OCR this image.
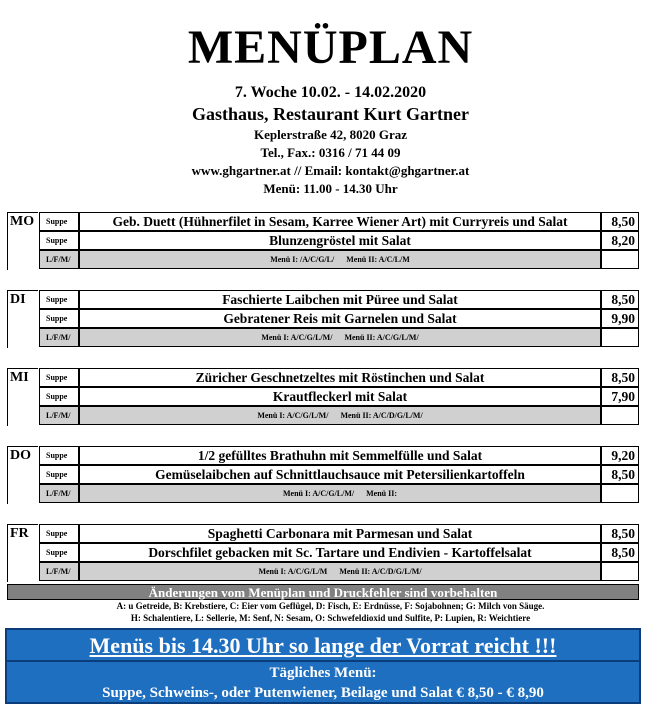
MENÜPLAN
7. Woche 10.02. - 14.02.2020
Gasthaus, Restaurant Kurt Gartner
Keplerstraße 42, 8020 Graz
Tel., Fax.: 0316 / 71 44 09
www.ghgartner.at // Email: kontakt@ghgartner.at
Menü: 11.00 - 14.30 Uhr
MO	Suppe	Geb. Duett (Hühnerfilet in Sesam, Karree Wiener Art) mit Curryreis und Salat	8,50
Suppe	Blunzengröstel mit Salat	8,20
L/F/M/	Menü I: /A/C/G/L/ Menü II: A/C/L/M
DI	Suppe	Faschierte Laibchen mit Püree und Salat	8,50
Suppe	Gebratener Reis mit Garnelen und Salat	9,90
L/F/M/	Menü I: A/C/G/L/M/ Menü II: A/C/G/L/M/
MI	Suppe	Züricher Geschnetzeltes mit Röstinchen und Salat	8,50
Suppe	Krautfleckerl mit Salat	7,90
L/F/M/	Menü I: A/C/G/L/M/ Menü II: A/C/D/G/L/M/
DO	Suppe	1/2 gefülltes Brathuhn mit Semmelfülle und Salat	9,20
Suppe	Gemüselaibchen auf Schnittlauchsauce mit Petersilienkartoffeln	8,50
L/F/M/	Menü I: A/C/G/L/M/ Menü II:
FR	Suppe	Spaghetti Carbonara mit Parmesan und Salat	8,50
Suppe	Dorschfilet gebacken mit Sc. Tartare und Endivien - Kartoffelsalat	8,50
L/F/M/	Menü I: A/C/G/L/M Menü II: A/C/D/G/L/M/
Änderungen vom Menüplan und Druckfehler sind vorbehalten
A: u Getreide, B: Krebstiere, C: Eier vom Geflügel, D: Fisch, E: Erdnüsse, F: Sojabohnen; G: Milch von Säuge.
H: Schalentiere, L: Sellerie, M: Senf, N: Sesam, O: Schwefeldioxid und Sulfite, P: Lupien, R: Weichtiere
Menüs bis 14.30 Uhr so lange der Vorrat reicht !!!
Tägliches Menü:
Suppe, Schweins-, oder Putenwiener, Beilage und Salat € 8,50 - € 8,90
